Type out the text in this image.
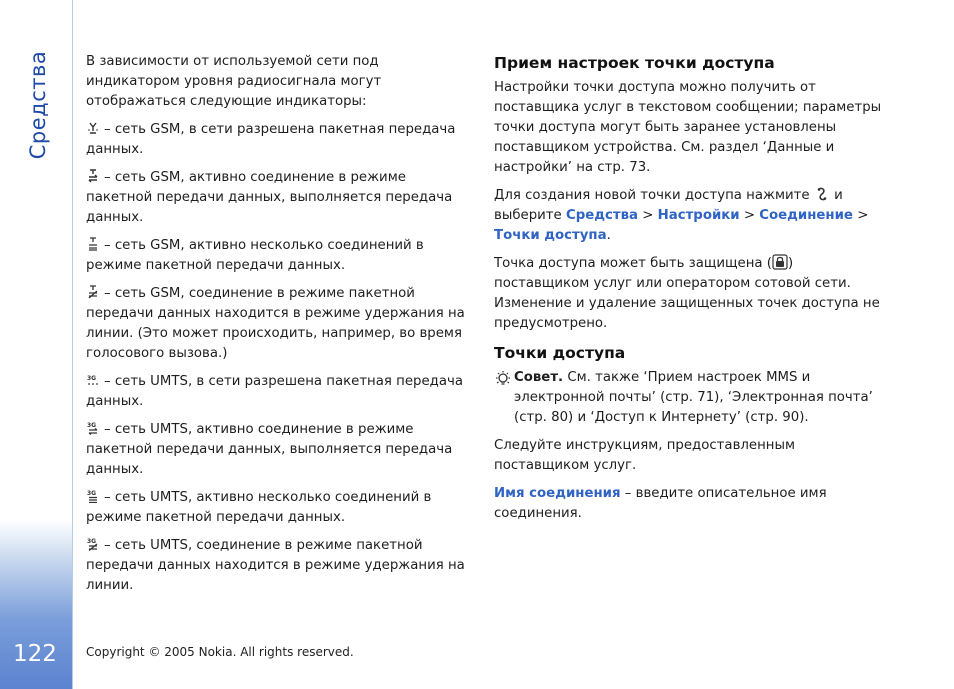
Средства
122

В зависимости от используемой сети под индикатором уровня радиосигнала могут отображаться следующие индикаторы:

– сеть GSM, в сети разрешена пакетная передача данных.

– сеть GSM, активно соединение в режиме пакетной передачи данных, выполняется передача данных.

– сеть GSM, активно несколько соединений в режиме пакетной передачи данных.

– сеть GSM, соединение в режиме пакетной передачи данных находится в режиме удержания на линии. (Это может происходить, например, во время голосового вызова.)

3G – сеть UMTS, в сети разрешена пакетная передача данных.

3G – сеть UMTS, активно соединение в режиме пакетной передачи данных, выполняется передача данных.

3G – сеть UMTS, активно несколько соединений в режиме пакетной передачи данных.

3G – сеть UMTS, соединение в режиме пакетной передачи данных находится в режиме удержания на линии.

Прием настроек точки доступа

Настройки точки доступа можно получить от поставщика услуг в текстовом сообщении; параметры точки доступа могут быть заранее установлены поставщиком устройства. См. раздел ‘Данные и настройки’ на стр. 73.

Для создания новой точки доступа нажмите и выберите Средства > Настройки > Соединение > Точки доступа.

Точка доступа может быть защищена ( ) поставщиком услуг или оператором сотовой сети. Изменение и удаление защищенных точек доступа не предусмотрено.

Точки доступа
Совет. См. также ‘Прием настроек MMS и электронной почты’ (стр. 71), ‘Электронная почта’ (стр. 80) и ‘Доступ к Интернету’ (стр. 90).

Следуйте инструкциям, предоставленным поставщиком услуг.

Имя соединения – введите описательное имя соединения.

Copyright © 2005 Nokia. All rights reserved.
